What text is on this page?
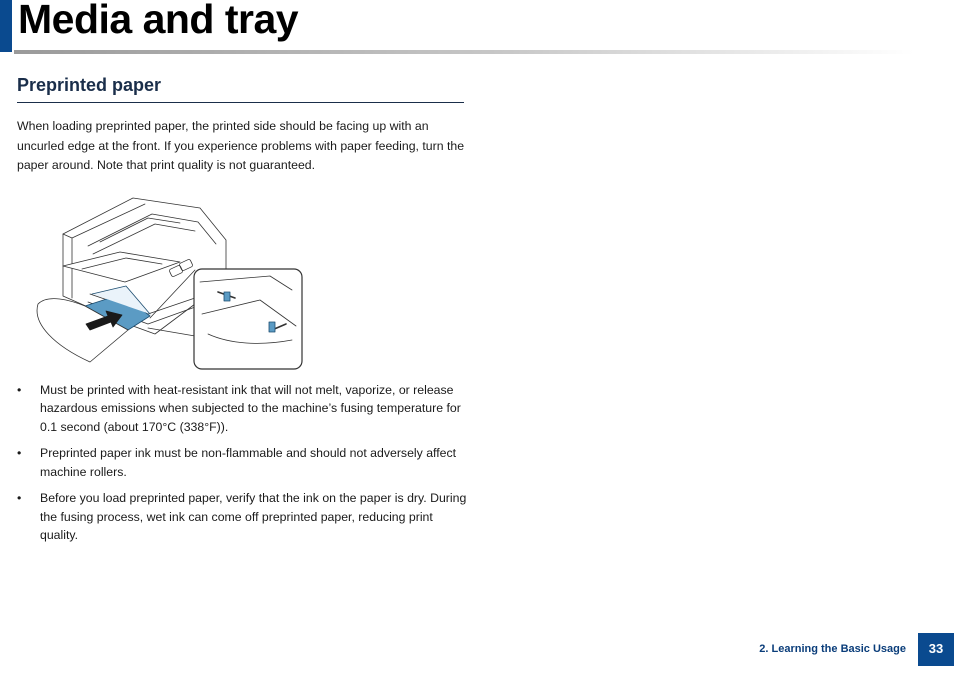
Media and tray
Preprinted paper

When loading preprinted paper, the printed side should be facing up with an uncurled edge at the front. If you experience problems with paper feeding, turn the paper around. Note that print quality is not guaranteed.

• Must be printed with heat-resistant ink that will not melt, vaporize, or release hazardous emissions when subjected to the machine’s fusing temperature for 0.1 second (about 170°C (338°F)).
• Preprinted paper ink must be non-flammable and should not adversely affect machine rollers.
• Before you load preprinted paper, verify that the ink on the paper is dry. During the fusing process, wet ink can come off preprinted paper, reducing print quality.
2. Learning the Basic Usage	33
